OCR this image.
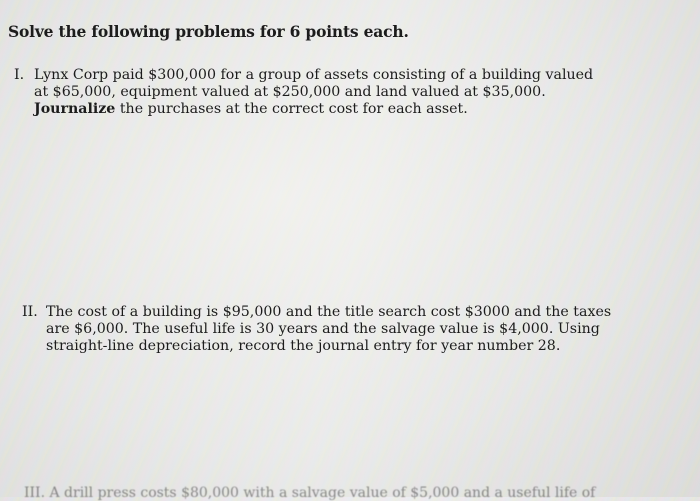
Solve the following problems for 6 points each.
I. Lynx Corp paid $300,000 for a group of assets consisting of a building valued
at $65,000, equipment valued at $250,000 and land valued at $35,000.
Journalize the purchases at the correct cost for each asset.
II. The cost of a building is $95,000 and the title search cost $3000 and the taxes
are $6,000. The useful life is 30 years and the salvage value is $4,000. Using
straight-line depreciation, record the journal entry for year number 28.
III. A drill press costs $80,000 with a salvage value of $5,000 and a useful life of
